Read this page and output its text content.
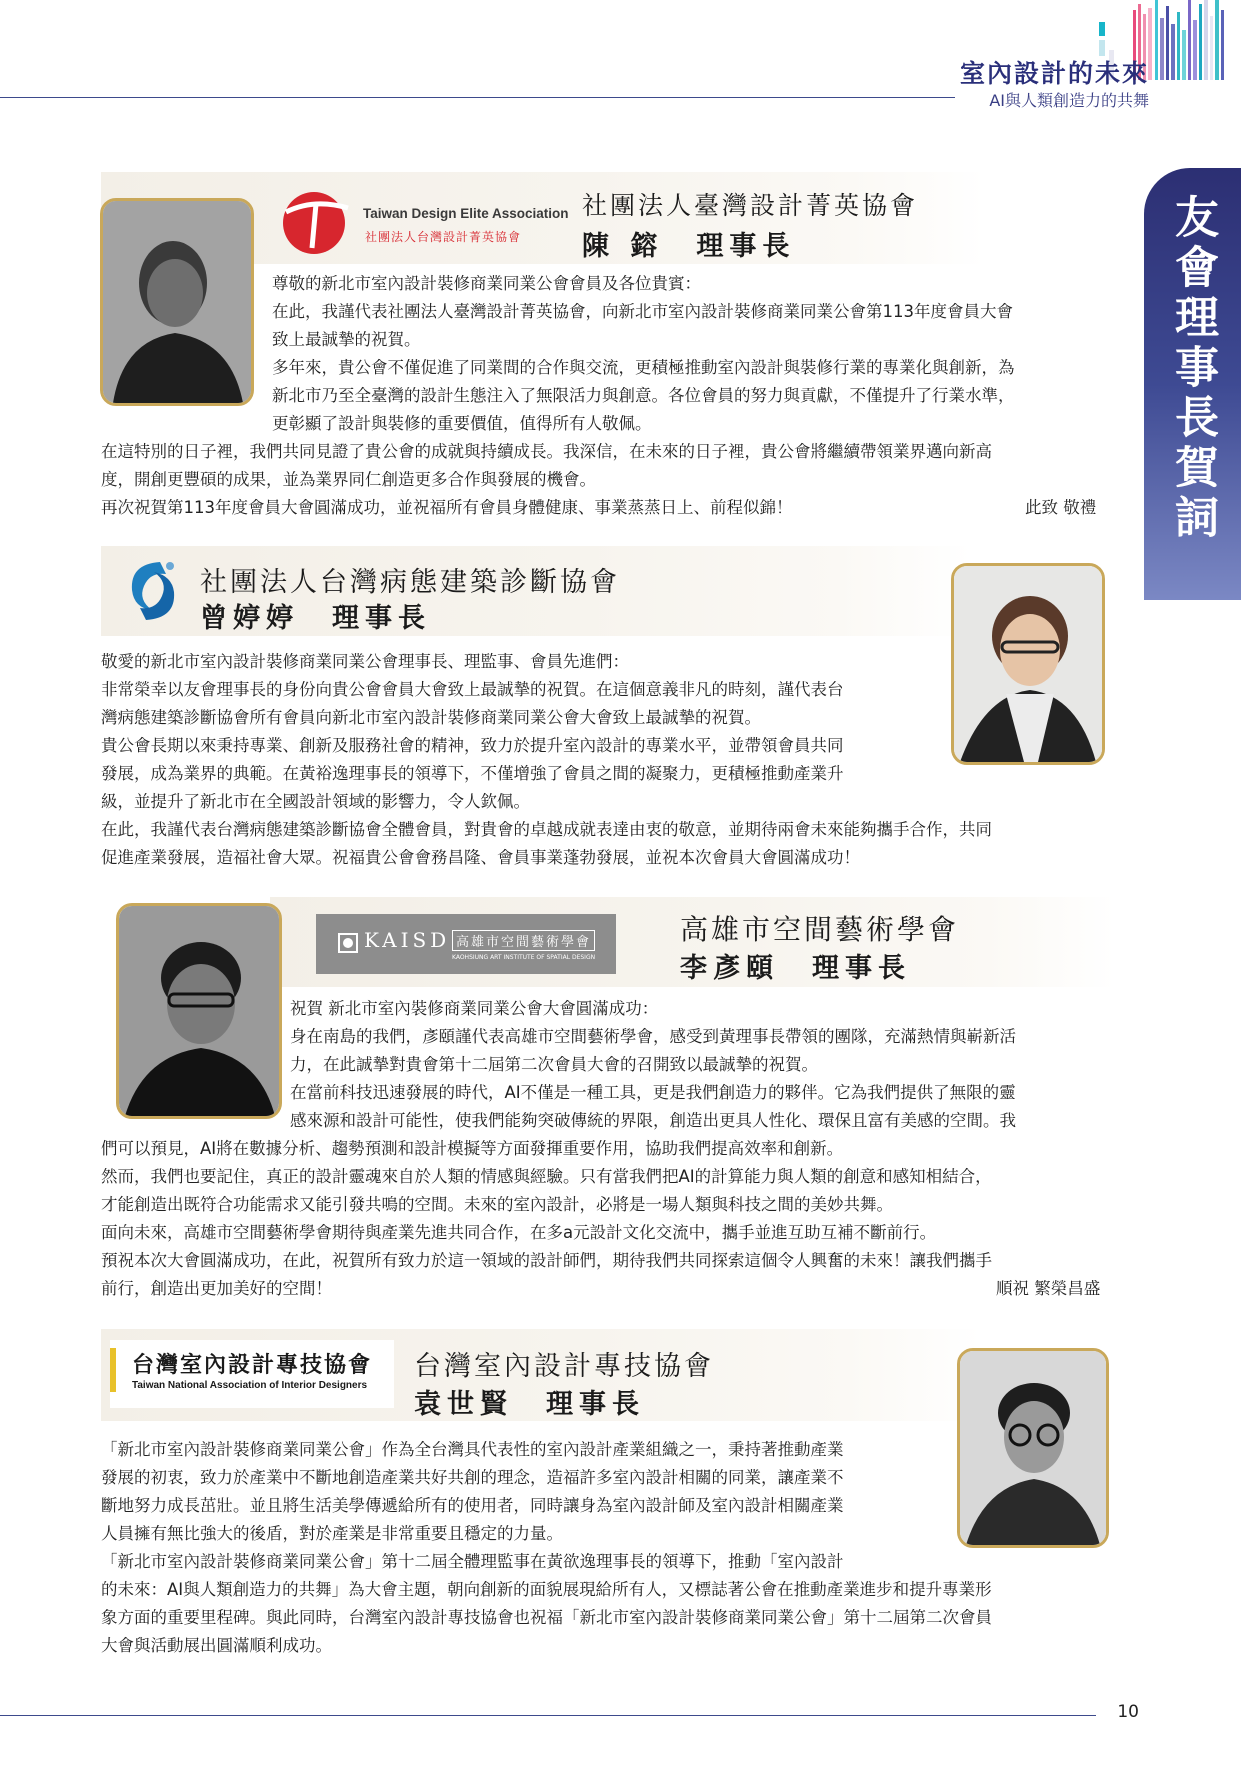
室內設計的未來
AI與人類創造力的共舞
友會理事長賀詞
Taiwan Design Elite Association
社團法人台灣設計菁英協會
社團法人臺灣設計菁英協會
陳 鎔　理事長
尊敬的新北市室內設計裝修商業同業公會會員及各位貴賓：
在此，我謹代表社團法人臺灣設計菁英協會，向新北市室內設計裝修商業同業公會第113年度會員大會
致上最誠摯的祝賀。
多年來，貴公會不僅促進了同業間的合作與交流，更積極推動室內設計與裝修行業的專業化與創新，為
新北市乃至全臺灣的設計生態注入了無限活力與創意。各位會員的努力與貢獻，不僅提升了行業水準，
更彰顯了設計與裝修的重要價值，值得所有人敬佩。
在這特別的日子裡，我們共同見證了貴公會的成就與持續成長。我深信，在未來的日子裡，貴公會將繼續帶領業界邁向新高
度，開創更豐碩的成果，並為業界同仁創造更多合作與發展的機會。
再次祝賀第113年度會員大會圓滿成功，並祝福所有會員身體健康、事業蒸蒸日上、前程似錦！	此致 敬禮
社團法人台灣病態建築診斷協會
曾婷婷　理事長
敬愛的新北市室內設計裝修商業同業公會理事長、理監事、會員先進們：
非常榮幸以友會理事長的身份向貴公會會員大會致上最誠摯的祝賀。在這個意義非凡的時刻，謹代表台
灣病態建築診斷協會所有會員向新北市室內設計裝修商業同業公會大會致上最誠摯的祝賀。
貴公會長期以來秉持專業、創新及服務社會的精神，致力於提升室內設計的專業水平，並帶領會員共同
發展，成為業界的典範。在黃裕逸理事長的領導下，不僅增強了會員之間的凝聚力，更積極推動產業升
級，並提升了新北市在全國設計領域的影響力，令人欽佩。
在此，我謹代表台灣病態建築診斷協會全體會員，對貴會的卓越成就表達由衷的敬意，並期待兩會未來能夠攜手合作，共同
促進產業發展，造福社會大眾。祝福貴公會會務昌隆、會員事業蓬勃發展，並祝本次會員大會圓滿成功！
KAISD 高雄市空間藝術學會
KAOHSIUNG ART INSTITUTE OF SPATIAL DESIGN
高雄市空間藝術學會
李彥頤　理事長
祝賀 新北市室內裝修商業同業公會大會圓滿成功：
身在南島的我們，彥頤謹代表高雄市空間藝術學會，感受到黃理事長帶領的團隊，充滿熱情與嶄新活
力，在此誠摯對貴會第十二屆第二次會員大會的召開致以最誠摯的祝賀。
在當前科技迅速發展的時代，AI不僅是一種工具，更是我們創造力的夥伴。它為我們提供了無限的靈
感來源和設計可能性，使我們能夠突破傳統的界限，創造出更具人性化、環保且富有美感的空間。我
們可以預見，AI將在數據分析、趨勢預測和設計模擬等方面發揮重要作用，協助我們提高效率和創新。
然而，我們也要記住，真正的設計靈魂來自於人類的情感與經驗。只有當我們把AI的計算能力與人類的創意和感知相結合，
才能創造出既符合功能需求又能引發共鳴的空間。未來的室內設計，必將是一場人類與科技之間的美妙共舞。
面向未來，高雄市空間藝術學會期待與產業先進共同合作，在多a元設計文化交流中，攜手並進互助互補不斷前行。
預祝本次大會圓滿成功，在此，祝賀所有致力於這一領域的設計師們，期待我們共同探索這個令人興奮的未來！讓我們攜手
前行，創造出更加美好的空間！	順祝 繁榮昌盛
台灣室內設計專技協會
Taiwan National Association of Interior Designers
台灣室內設計專技協會
袁世賢　理事長
「新北市室內設計裝修商業同業公會」作為全台灣具代表性的室內設計產業組織之一，秉持著推動產業
發展的初衷，致力於產業中不斷地創造產業共好共創的理念，造福許多室內設計相關的同業，讓產業不
斷地努力成長茁壯。並且將生活美學傳遞給所有的使用者，同時讓身為室內設計師及室內設計相關產業
人員擁有無比強大的後盾，對於產業是非常重要且穩定的力量。
「新北市室內設計裝修商業同業公會」第十二屆全體理監事在黃欲逸理事長的領導下，推動「室內設計
的未來：AI與人類創造力的共舞」為大會主題，朝向創新的面貌展現給所有人，又標誌著公會在推動產業進步和提升專業形
象方面的重要里程碑。與此同時，台灣室內設計專技協會也祝福「新北市室內設計裝修商業同業公會」第十二屆第二次會員
大會與活動展出圓滿順利成功。
10
